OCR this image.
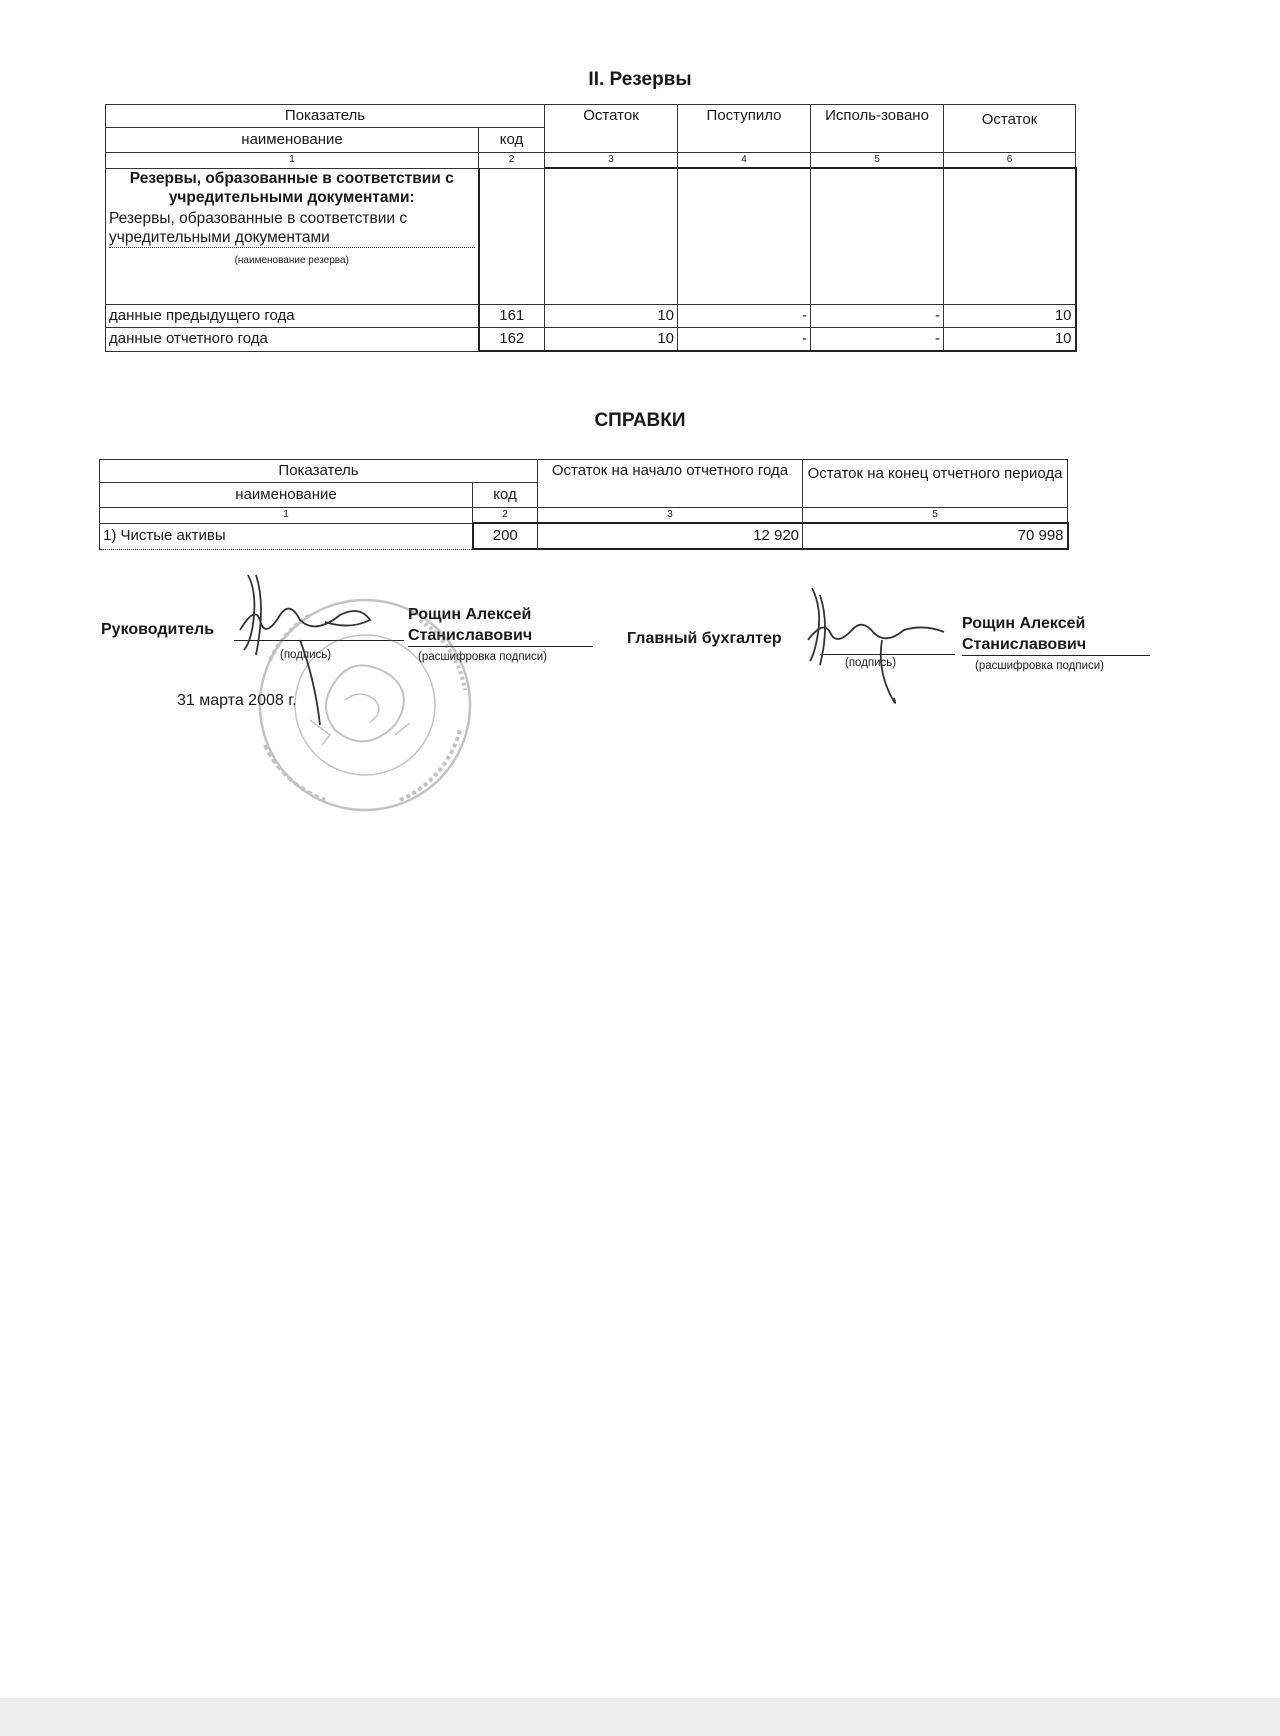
II. Резервы
Показатель		Остаток	Поступило	Исполь-зовано	Остаток
наименование	код				
1	2	3	4	5	6

Резервы, образованные в соответствии с учредительными документами:
Резервы, образованные в соответствии с учредительными документами
(наименование резерва)					

данные предыдущего года	161	10	-	-	10
данные отчетного года	162	10	-	-	10
СПРАВКИ
Показатель		Остаток на начало отчетного года	Остаток на конец отчетного периода
наименование	код		
1	2	3	5
1) Чистые активы	200	12 920	70 998
Руководитель
(подпись)
Рощин Алексей Станиславович
(расшифровка подписи)
Главный бухгалтер
(подпись)
Рощин Алексей Станиславович
(расшифровка подписи)
31 марта 2008 г.
